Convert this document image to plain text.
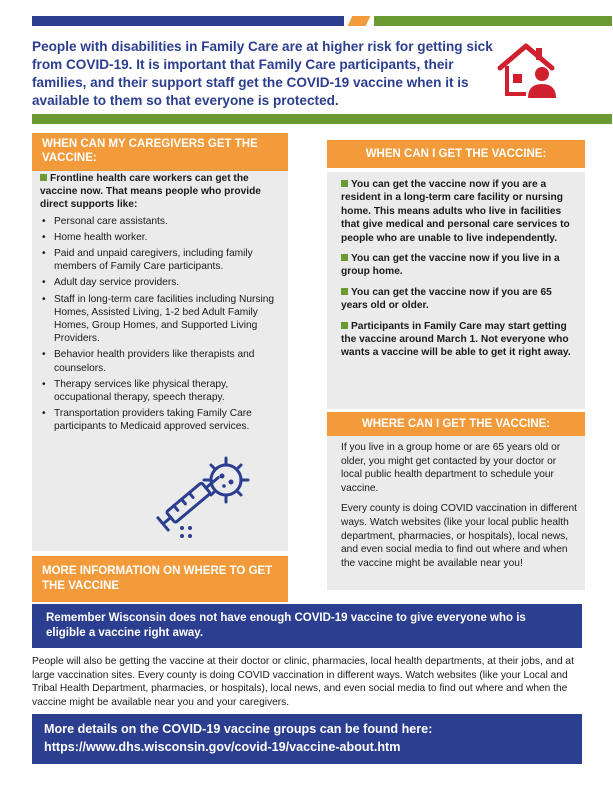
People with disabilities in Family Care are at higher risk for getting sick from COVID-19. It is important that Family Care participants, their families, and their support staff get the COVID-19 vaccine when it is available to them so that everyone is protected.
WHEN CAN MY CAREGIVERS GET THE VACCINE:
Frontline health care workers can get the vaccine now. That means people who provide direct supports like:
• Personal care assistants.
• Home health worker.
• Paid and unpaid caregivers, including family members of Family Care participants.
• Adult day service providers.
• Staff in long-term care facilities including Nursing Homes, Assisted Living, 1-2 bed Adult Family Homes, Group Homes, and Supported Living Providers.
• Behavior health providers like therapists and counselors.
• Therapy services like physical therapy, occupational therapy, speech therapy.
• Transportation providers taking Family Care participants to Medicaid approved services.
WHEN CAN I GET THE VACCINE:

You can get the vaccine now if you are a resident in a long-term care facility or nursing home. This means adults who live in facilities that give medical and personal care services to people who are unable to live independently.

You can get the vaccine now if you live in a group home.

You can get the vaccine now if you are 65 years old or older.

Participants in Family Care may start getting the vaccine around March 1. Not everyone who wants a vaccine will be able to get it right away.

WHERE CAN I GET THE VACCINE:

If you live in a group home or are 65 years old or older, you might get contacted by your doctor or local public health department to schedule your vaccine.

Every county is doing COVID vaccination in different ways. Watch websites (like your local public health department, pharmacies, or hospitals), local news, and even social media to find out where and when the vaccine might be available near you!

MORE INFORMATION ON WHERE TO GET THE VACCINE
Remember Wisconsin does not have enough COVID-19 vaccine to give everyone who is eligible a vaccine right away.
People will also be getting the vaccine at their doctor or clinic, pharmacies, local health departments, at their jobs, and at large vaccination sites. Every county is doing COVID vaccination in different ways. Watch websites (like your Local and Tribal Health Department, pharmacies, or hospitals), local news, and even social media to find out where and when the vaccine might be available near you and your caregivers.
More details on the COVID-19 vaccine groups can be found here: https://www.dhs.wisconsin.gov/covid-19/vaccine-about.htm
